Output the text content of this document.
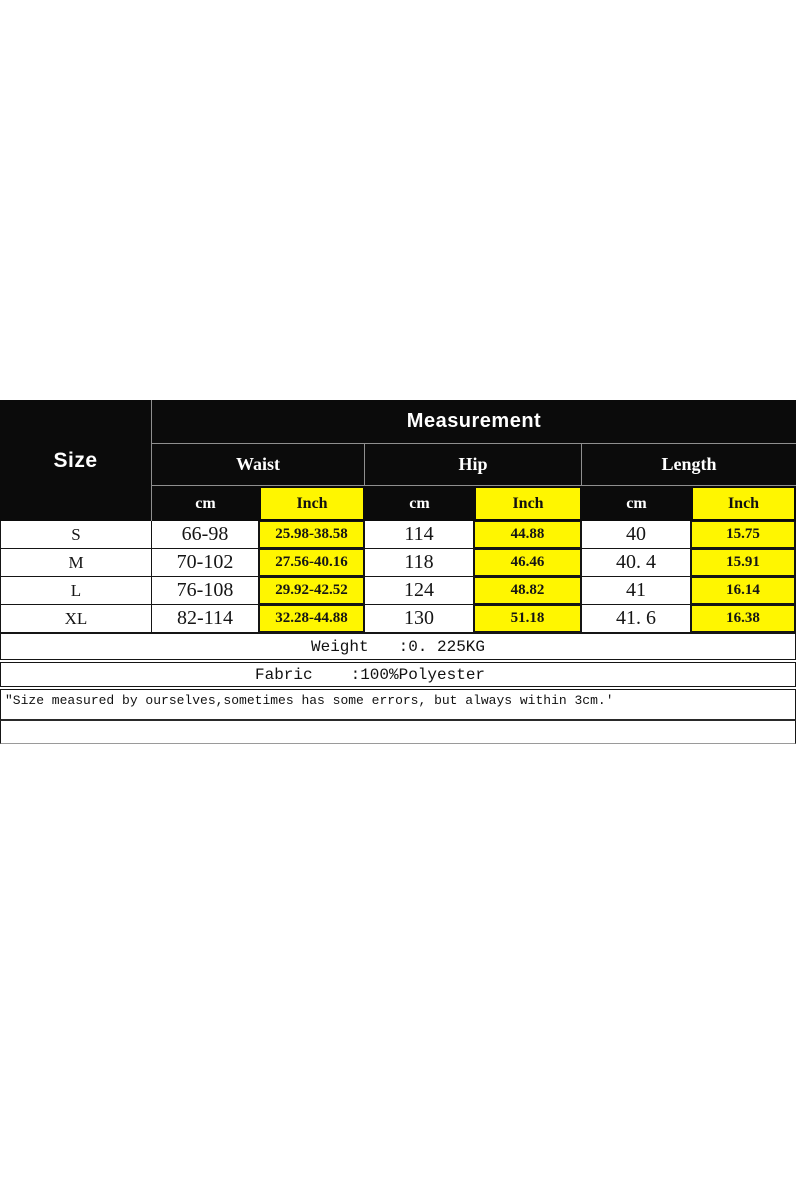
Size
Measurement
Waist	Hip	Length
cm	Inch	cm	Inch	cm	Inch
S	66-98	25.98-38.58	114	44.88	40	15.75
M	70-102	27.56-40.16	118	46.46	40. 4	15.91
L	76-108	29.92-42.52	124	48.82	41	16.14
XL	82-114	32.28-44.88	130	51.18	41. 6	16.38
Weight :0. 225KG
Fabric :100%Polyester
"Size measured by ourselves,sometimes has some errors, but always within 3cm.'
